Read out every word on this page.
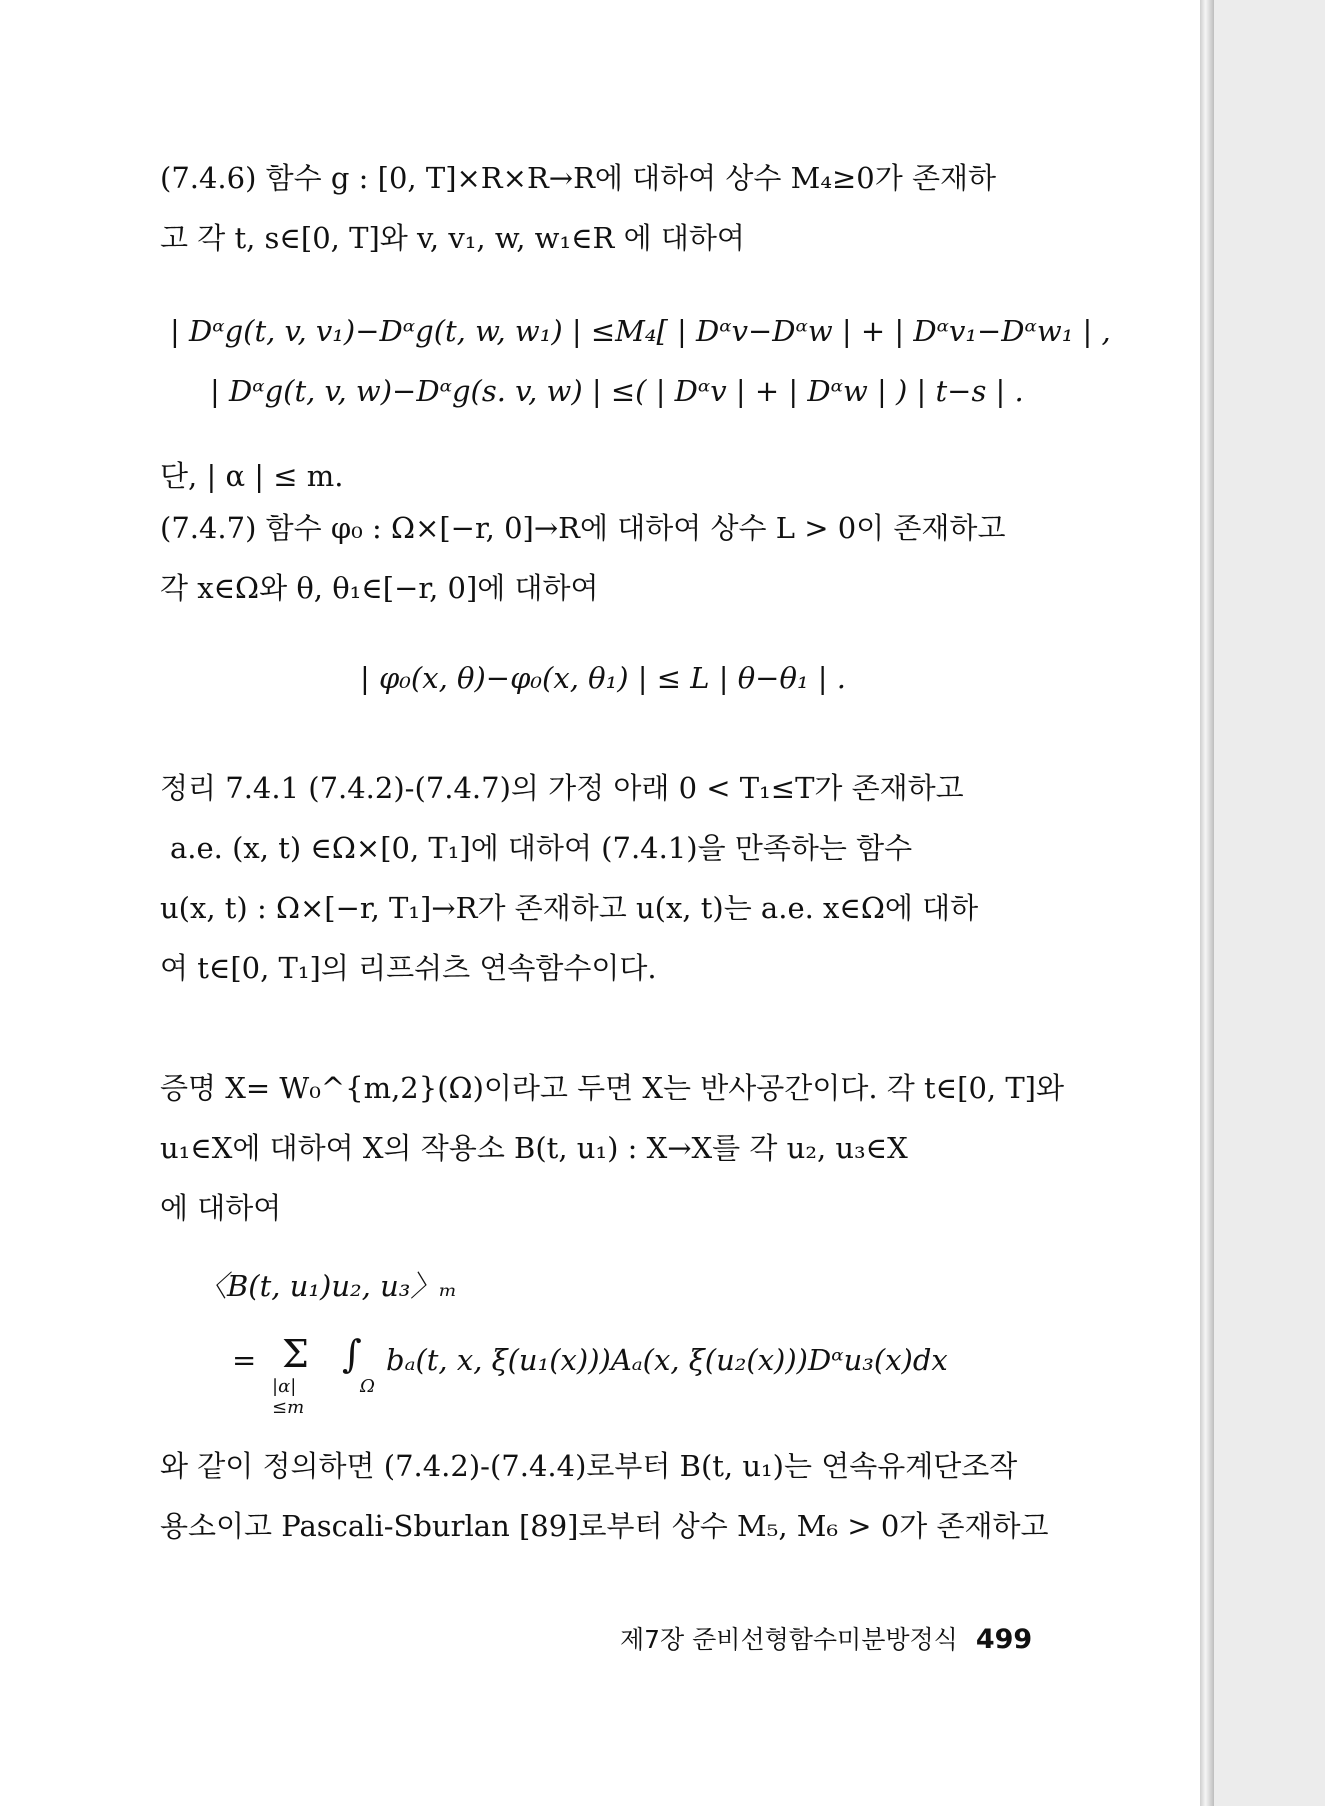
(7.4.6) 함수 g : [0, T]×R×R→R에 대하여 상수 M₄≥0가 존재하
고 각 t, s∈[0, T]와 v, v₁, w, w₁∈R 에 대하여
| Dᵅg(t, v, v₁)−Dᵅg(t, w, w₁) | ≤M₄[ | Dᵅv−Dᵅw | + | Dᵅv₁−Dᵅw₁ | ,
| Dᵅg(t, v, w)−Dᵅg(s. v, w) | ≤( | Dᵅv | + | Dᵅw | ) | t−s | .
단, | α | ≤ m.
(7.4.7) 함수 φ₀ : Ω×[−r, 0]→R에 대하여 상수 L > 0이 존재하고
각 x∈Ω와 θ, θ₁∈[−r, 0]에 대하여
| φ₀(x, θ)−φ₀(x, θ₁) | ≤ L | θ−θ₁ | .
정리 7.4.1 (7.4.2)-(7.4.7)의 가정 아래 0 < T₁≤T가 존재하고
a.e. (x, t) ∈Ω×[0, T₁]에 대하여 (7.4.1)을 만족하는 함수
u(x, t) : Ω×[−r, T₁]→R가 존재하고 u(x, t)는 a.e. x∈Ω에 대하
여 t∈[0, T₁]의 리프쉬츠 연속함수이다.
증명 X= W₀^{m,2}(Ω)이라고 두면 X는 반사공간이다. 각 t∈[0, T]와
u₁∈X에 대하여 X의 작용소 B(t, u₁) : X→X를 각 u₂, u₃∈X
에 대하여
〈B(t, u₁)u₂, u₃〉ₘ
= Σ
|α|≤m
∫
Ω
bₐ(t, x, ξ(u₁(x)))Aₐ(x, ξ(u₂(x)))Dᵅu₃(x)dx
와 같이 정의하면 (7.4.2)-(7.4.4)로부터 B(t, u₁)는 연속유계단조작
용소이고 Pascali-Sburlan [89]로부터 상수 M₅, M₆ > 0가 존재하고
제7장 준비선형함수미분방정식 499
